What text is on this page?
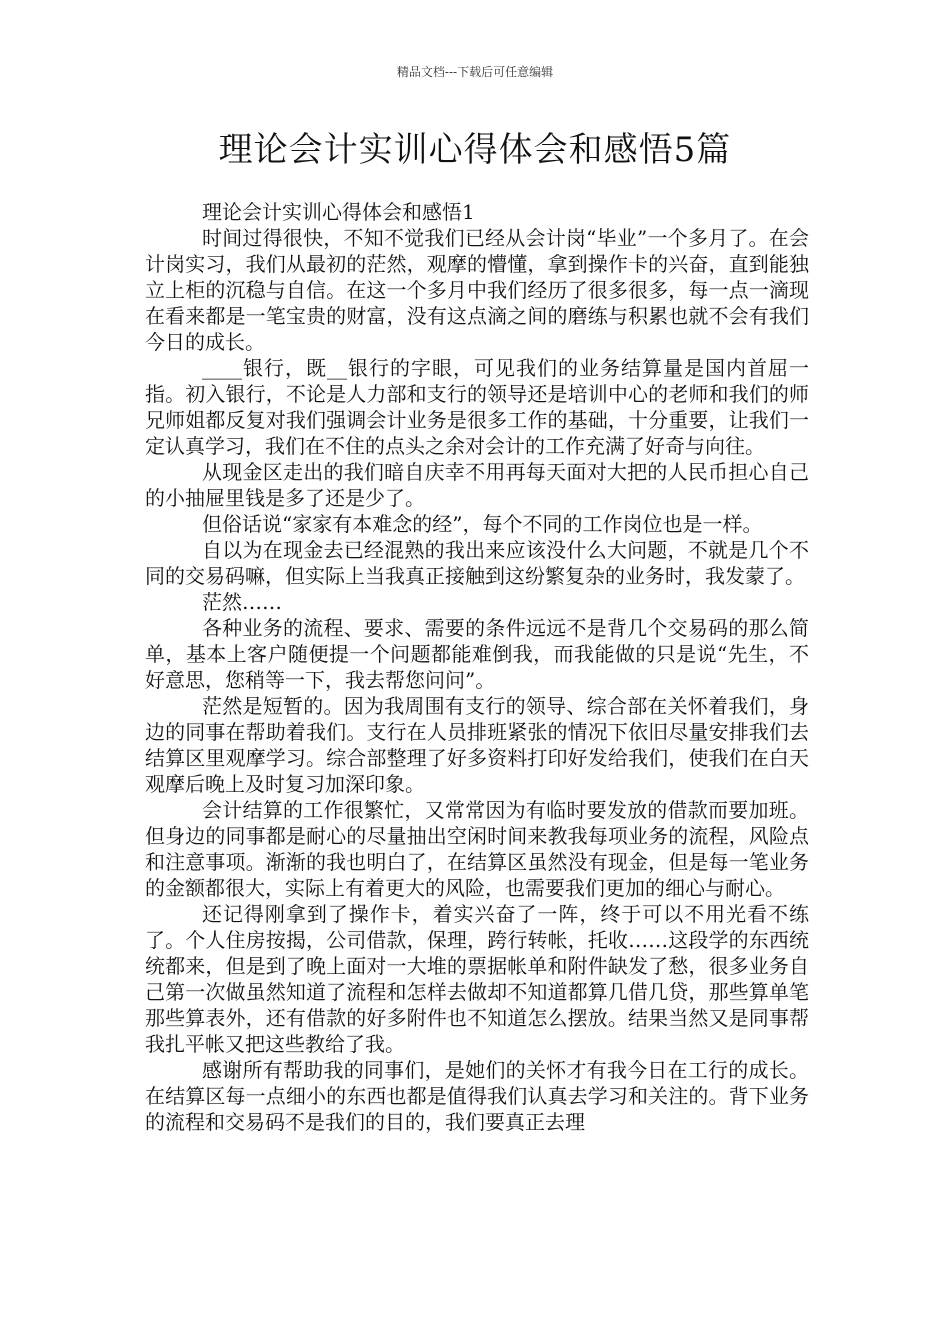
精品文档---下载后可任意编辑
理论会计实训心得体会和感悟5篇

理论会计实训心得体会和感悟1

时间过得很快，不知不觉我们已经从会计岗“毕业”一个多月了。在会计岗实习，我们从最初的茫然，观摩的懵懂，拿到操作卡的兴奋，直到能独立上柜的沉稳与自信。在这一个多月中我们经历了很多很多，每一点一滴现在看来都是一笔宝贵的财富，没有这点滴之间的磨练与积累也就不会有我们今日的成长。

____银行，既__银行的字眼，可见我们的业务结算量是国内首屈一指。初入银行，不论是人力部和支行的领导还是培训中心的老师和我们的师兄师姐都反复对我们强调会计业务是很多工作的基础，十分重要，让我们一定认真学习，我们在不住的点头之余对会计的工作充满了好奇与向往。

从现金区走出的我们暗自庆幸不用再每天面对大把的人民币担心自己的小抽屉里钱是多了还是少了。

但俗话说“家家有本难念的经”，每个不同的工作岗位也是一样。

自以为在现金去已经混熟的我出来应该没什么大问题，不就是几个不同的交易码嘛，但实际上当我真正接触到这纷繁复杂的业务时，我发蒙了。

茫然……

各种业务的流程、要求、需要的条件远远不是背几个交易码的那么简单，基本上客户随便提一个问题都能难倒我，而我能做的只是说“先生，不好意思，您稍等一下，我去帮您问问”。

茫然是短暂的。因为我周围有支行的领导、综合部在关怀着我们，身边的同事在帮助着我们。支行在人员排班紧张的情况下依旧尽量安排我们去结算区里观摩学习。综合部整理了好多资料打印好发给我们，使我们在白天观摩后晚上及时复习加深印象。

会计结算的工作很繁忙，又常常因为有临时要发放的借款而要加班。但身边的同事都是耐心的尽量抽出空闲时间来教我每项业务的流程，风险点和注意事项。渐渐的我也明白了，在结算区虽然没有现金，但是每一笔业务的金额都很大，实际上有着更大的风险，也需要我们更加的细心与耐心。

还记得刚拿到了操作卡，着实兴奋了一阵，终于可以不用光看不练了。个人住房按揭，公司借款，保理，跨行转帐，托收……这段学的东西统统都来，但是到了晚上面对一大堆的票据帐单和附件缺发了愁，很多业务自己第一次做虽然知道了流程和怎样去做却不知道都算几借几贷，那些算单笔那些算表外，还有借款的好多附件也不知道怎么摆放。结果当然又是同事帮我扎平帐又把这些教给了我。

感谢所有帮助我的同事们，是她们的关怀才有我今日在工行的成长。在结算区每一点细小的东西也都是值得我们认真去学习和关注的。背下业务的流程和交易码不是我们的目的，我们要真正去理
